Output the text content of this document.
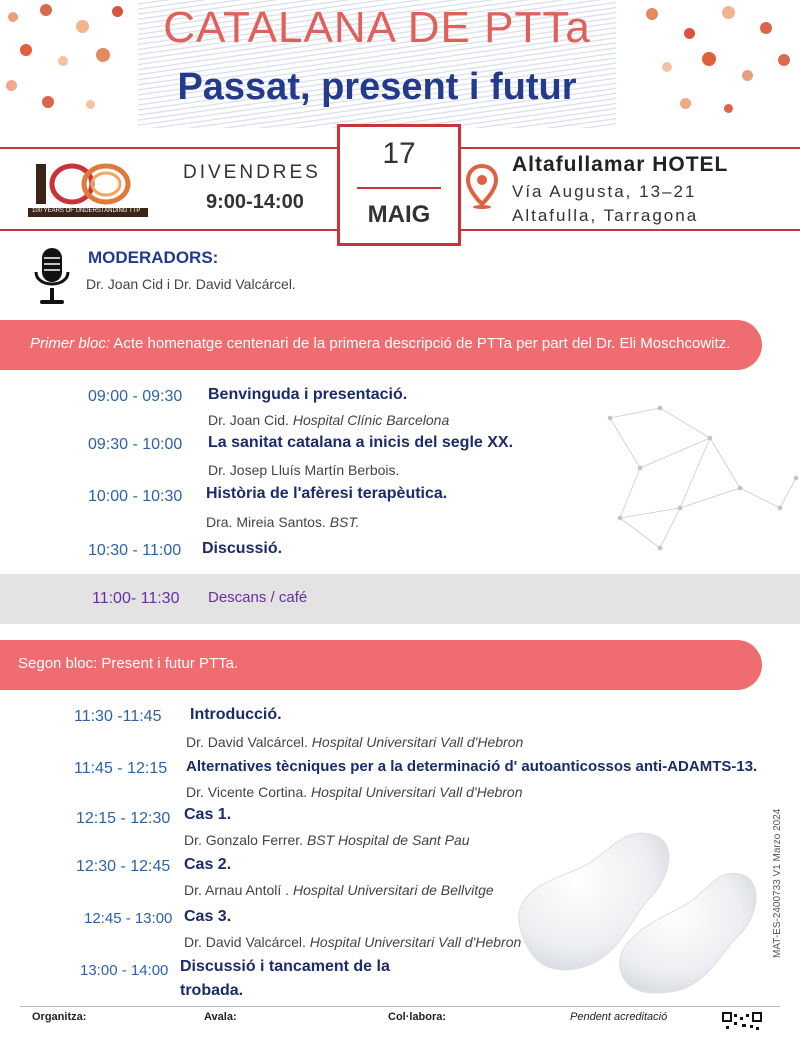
CATALANA DE PTTa
Passat, present i futur
100 YEARS OF UNDERSTANDING TTP
DIVENDRES
9:00-14:00
17
MAIG
Altafullamar HOTEL
Vía Augusta, 13–21
Altafulla, Tarragona
MODERADORS:
Dr. Joan Cid i Dr. David Valcárcel.
Primer bloc: Acte homenatge centenari de la primera descripció de PTTa per part del Dr. Eli Moschcowitz.
09:00 - 09:30 Benvinguda i presentació.
Dr. Joan Cid. Hospital Clínic Barcelona
09:30 - 10:00 La sanitat catalana a inicis del segle XX.
Dr. Josep Lluís Martín Berbois.
10:00 - 10:30 Història de l'afèresi terapèutica.
Dra. Mireia Santos. BST.
10:30 - 11:00 Discussió.
11:00- 11:30 Descans / café
Segon bloc: Present i futur PTTa.
11:30 -11:45 Introducció.
Dr. David Valcárcel. Hospital Universitari Vall d'Hebron
11:45 - 12:15 Alternatives tècniques per a la determinació d' autoanticossos anti-ADAMTS-13.
Dr. Vicente Cortina. Hospital Universitari Vall d'Hebron
12:15 - 12:30 Cas 1.
Dr. Gonzalo Ferrer. BST Hospital de Sant Pau
12:30 - 12:45 Cas 2.
Dr. Arnau Antolí . Hospital Universitari de Bellvitge
12:45 - 13:00 Cas 3.
Dr. David Valcárcel. Hospital Universitari Vall d'Hebron
13:00 - 14:00 Discussió i tancament de la
trobada.
MAT-ES-2400733 V1 Marzo 2024
Organitza:	Avala:	Col·labora:	Pendent acreditació
